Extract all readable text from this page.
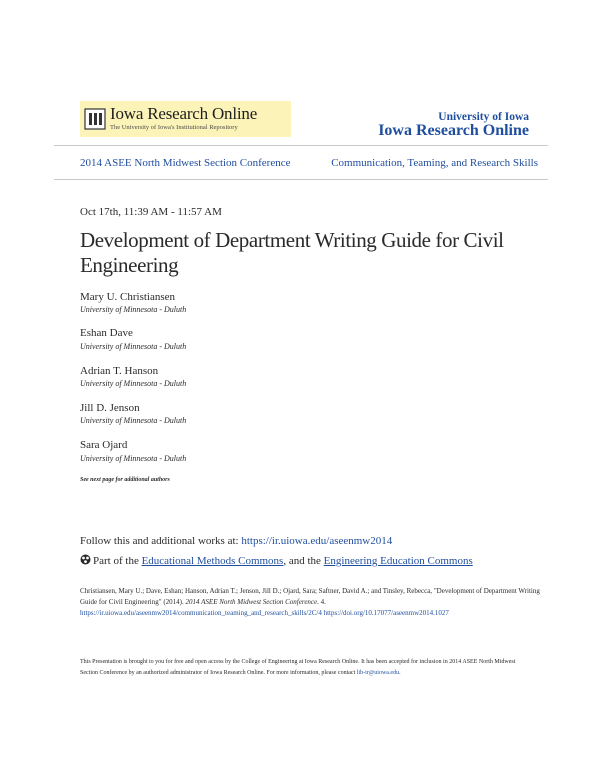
Iowa Research Online
The University of Iowa's Institutional Repository
University of Iowa
Iowa Research Online
2014 ASEE North Midwest Section Conference	Communication, Teaming, and Research Skills
Oct 17th, 11:39 AM - 11:57 AM
Development of Department Writing Guide for Civil Engineering
Mary U. Christiansen
University of Minnesota - Duluth
Eshan Dave
University of Minnesota - Duluth
Adrian T. Hanson
University of Minnesota - Duluth
Jill D. Jenson
University of Minnesota - Duluth
Sara Ojard
University of Minnesota - Duluth
See next page for additional authors
Follow this and additional works at: https://ir.uiowa.edu/aseenmw2014
Part of the Educational Methods Commons, and the Engineering Education Commons
Christiansen, Mary U.; Dave, Eshan; Hanson, Adrian T.; Jenson, Jill D.; Ojard, Sara; Saftner, David A.; and Tinsley, Rebecca, "Development of Department Writing Guide for Civil Engineering" (2014). 2014 ASEE North Midwest Section Conference. 4.
https://ir.uiowa.edu/aseenmw2014/communication_teaming_and_research_skills/2C/4 https://doi.org/10.17077/aseenmw2014.1027
This Presentation is brought to you for free and open access by the College of Engineering at Iowa Research Online. It has been accepted for inclusion in 2014 ASEE North Midwest Section Conference by an authorized administrator of Iowa Research Online. For more information, please contact lib-ir@uiowa.edu.
